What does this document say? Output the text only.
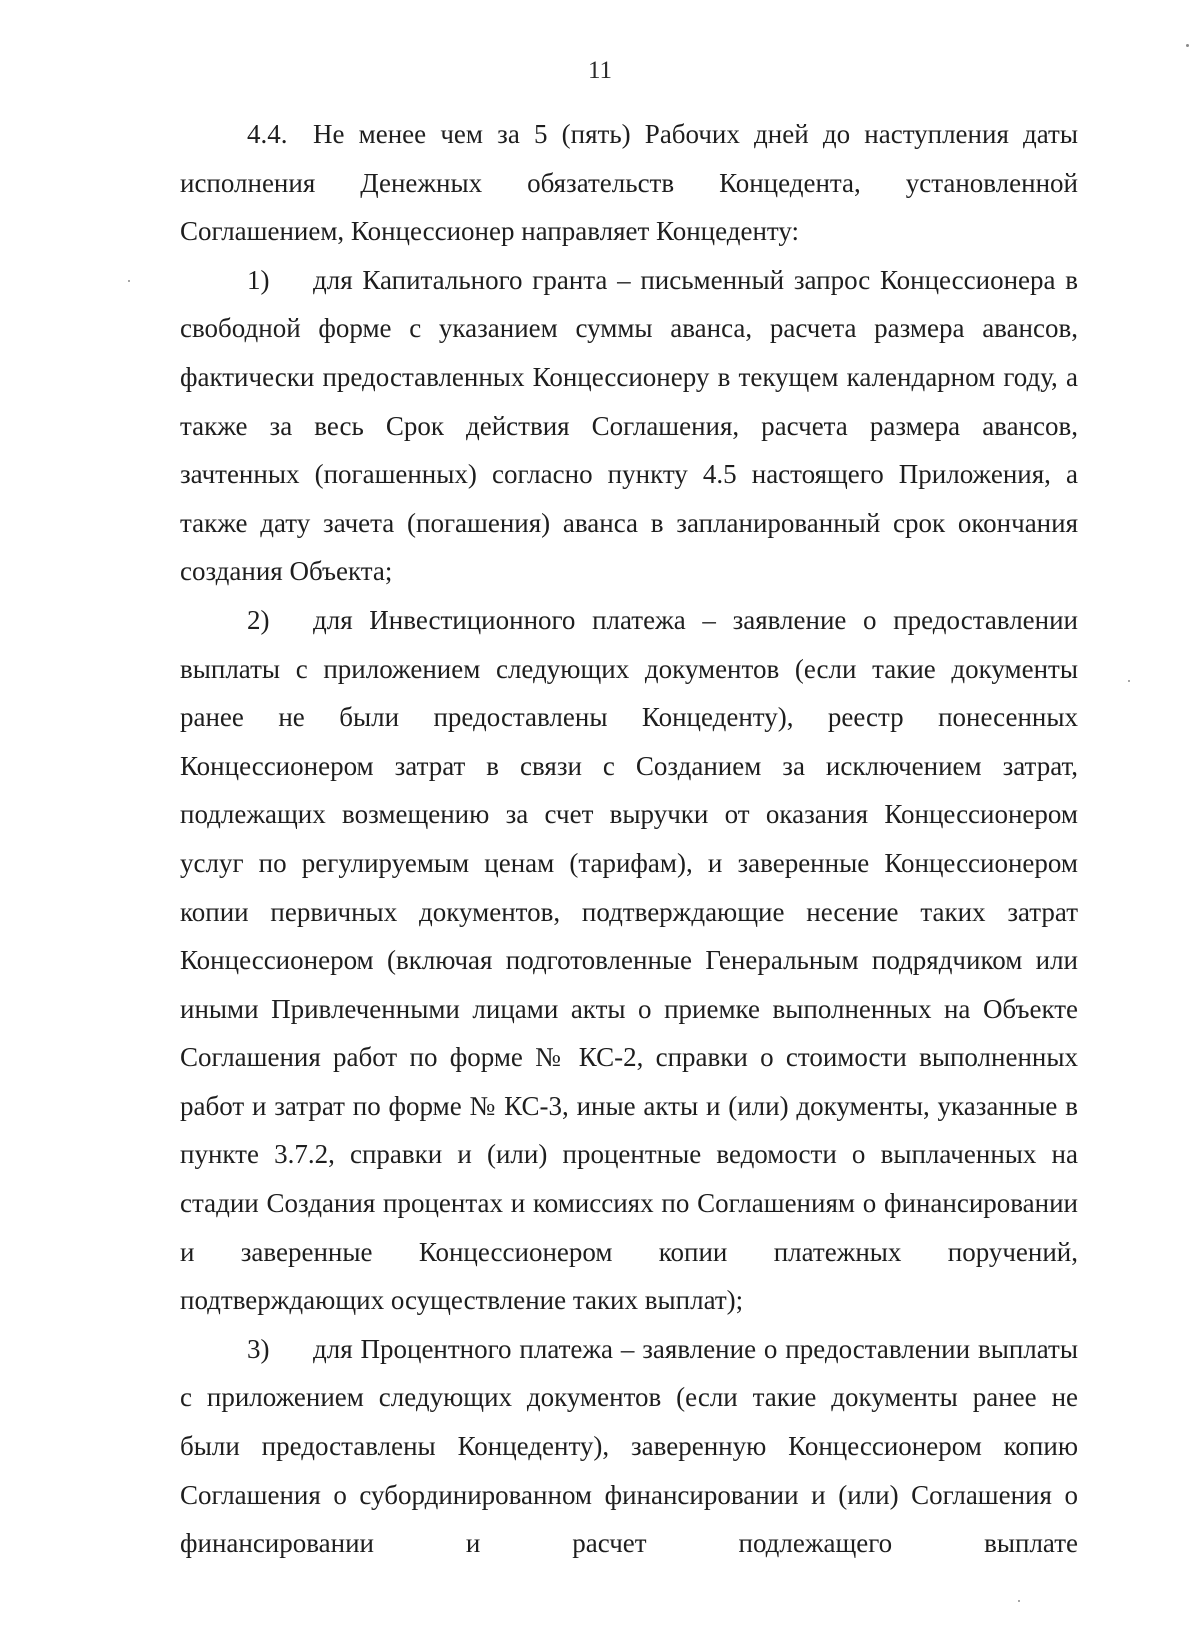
11

4.4. Не менее чем за 5 (пять) Рабочих дней до наступления даты исполнения Денежных обязательств Концедента, установленной Соглашением, Концессионер направляет Концеденту:

1) для Капитального гранта – письменный запрос Концессионера в свободной форме с указанием суммы аванса, расчета размера авансов, фактически предоставленных Концессионеру в текущем календарном году, а также за весь Срок действия Соглашения, расчета размера авансов, зачтенных (погашенных) согласно пункту 4.5 настоящего Приложения, а также дату зачета (погашения) аванса в запланированный срок окончания создания Объекта;

2) для Инвестиционного платежа – заявление о предоставлении выплаты с приложением следующих документов (если такие документы ранее не были предоставлены Концеденту), реестр понесенных Концессионером затрат в связи с Созданием за исключением затрат, подлежащих возмещению за счет выручки от оказания Концессионером услуг по регулируемым ценам (тарифам), и заверенные Концессионером копии первичных документов, подтверждающие несение таких затрат Концессионером (включая подготовленные Генеральным подрядчиком или иными Привлеченными лицами акты о приемке выполненных на Объекте Соглашения работ по форме № КС-2, справки о стоимости выполненных работ и затрат по форме № КС-3, иные акты и (или) документы, указанные в пункте 3.7.2, справки и (или) процентные ведомости о выплаченных на стадии Создания процентах и комиссиях по Соглашениям о финансировании и заверенные Концессионером копии платежных поручений, подтверждающих осуществление таких выплат);

3) для Процентного платежа – заявление о предоставлении выплаты с приложением следующих документов (если такие документы ранее не были предоставлены Концеденту), заверенную Концессионером копию Соглашения о субординированном финансировании и (или) Соглашения о финансировании и расчет подлежащего выплате
